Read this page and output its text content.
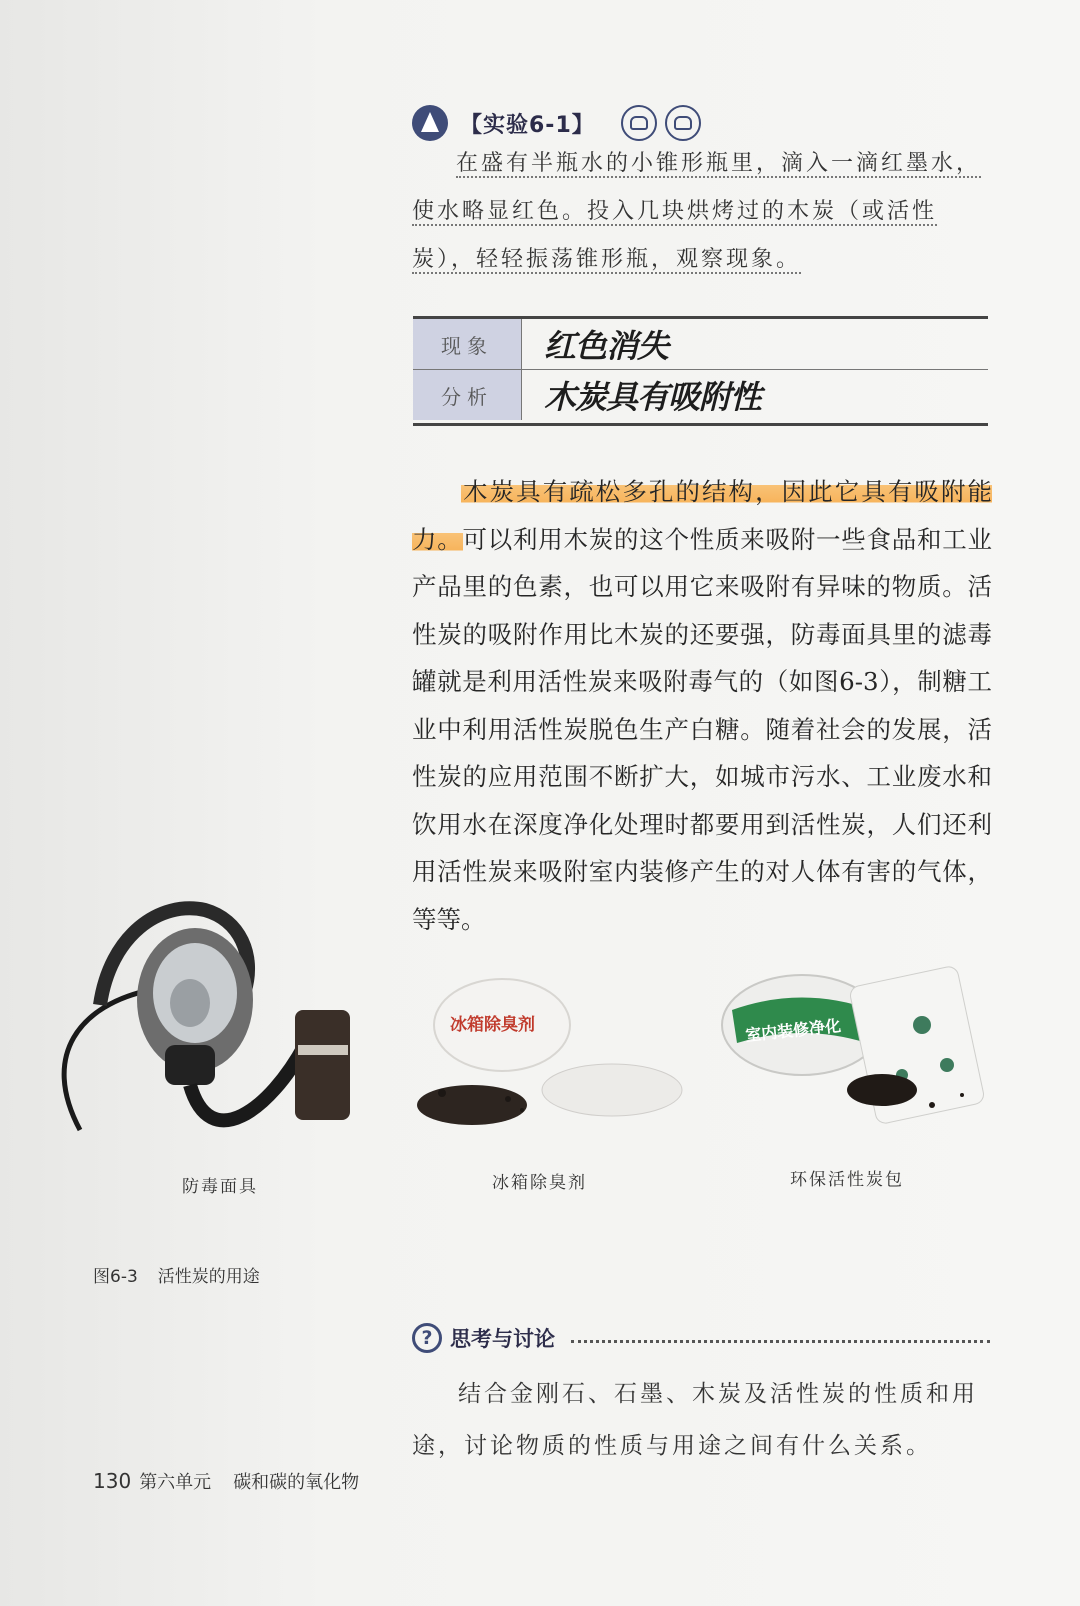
【实验6-1】

在盛有半瓶水的小锥形瓶里，滴入一滴红墨水，使水略显红色。投入几块烘烤过的木炭（或活性炭），轻轻振荡锥形瓶，观察现象。

现象	红色消失
分析	木炭具有吸附性
木炭具有疏松多孔的结构，因此它具有吸附能力。可以利用木炭的这个性质来吸附一些食品和工业产品里的色素，也可以用它来吸附有异味的物质。活性炭的吸附作用比木炭的还要强，防毒面具里的滤毒罐就是利用活性炭来吸附毒气的（如图6-3），制糖工业中利用活性炭脱色生产白糖。随着社会的发展，活性炭的应用范围不断扩大，如城市污水、工业废水和饮用水在深度净化处理时都要用到活性炭，人们还利用活性炭来吸附室内装修产生的对人体有害的气体，等等。
防毒面具
冰箱除臭剂
冰箱除臭剂
室内装修净化
环保活性炭包
图6-3 活性炭的用途
? 思考与讨论

结合金刚石、石墨、木炭及活性炭的性质和用途，讨论物质的性质与用途之间有什么关系。

130 第六单元 碳和碳的氧化物
